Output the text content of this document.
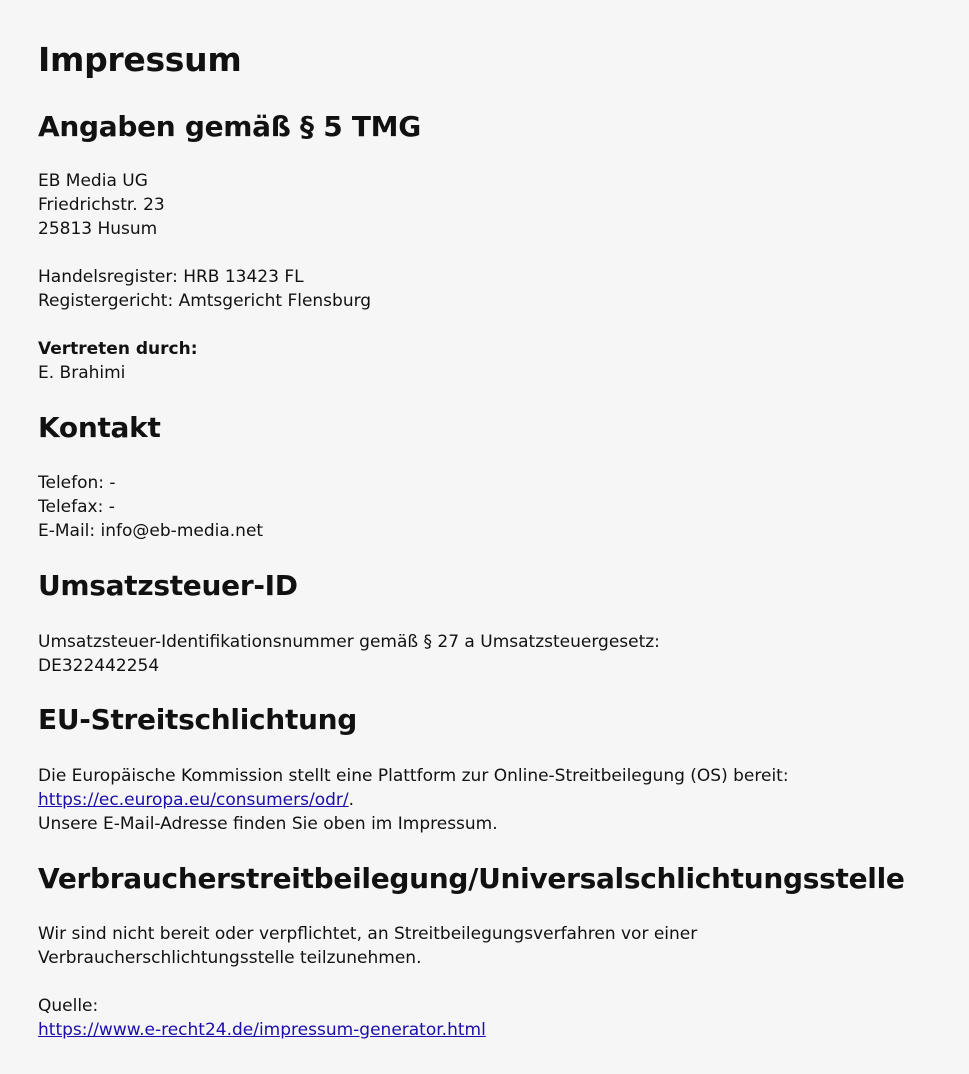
Impressum
Angaben gemäß § 5 TMG
EB Media UG
Friedrichstr. 23
25813 Husum
Handelsregister: HRB 13423 FL
Registergericht: Amtsgericht Flensburg
Vertreten durch:
E. Brahimi
Kontakt
Telefon: -
Telefax: -
E-Mail: info@eb-media.net
Umsatzsteuer-ID
Umsatzsteuer-Identifikationsnummer gemäß § 27 a Umsatzsteuergesetz:
DE322442254
EU-Streitschlichtung
Die Europäische Kommission stellt eine Plattform zur Online-Streitbeilegung (OS) bereit:
https://ec.europa.eu/consumers/odr/.
Unsere E-Mail-Adresse finden Sie oben im Impressum.
Verbraucherstreitbeilegung/Universalschlichtungsstelle
Wir sind nicht bereit oder verpflichtet, an Streitbeilegungsverfahren vor einer
Verbraucherschlichtungsstelle teilzunehmen.
Quelle:
https://www.e-recht24.de/impressum-generator.html
